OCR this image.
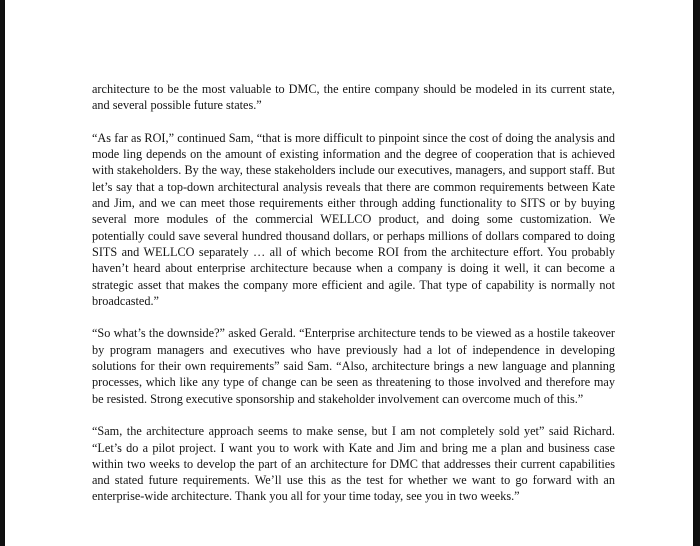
architecture to be the most valuable to DMC, the entire company should be modeled in its current state, and several possible future states.”

“As far as ROI,” continued Sam, “that is more difficult to pinpoint since the cost of doing the analysis and mode ling depends on the amount of existing information and the degree of cooperation that is achieved with stakeholders. By the way, these stakeholders include our executives, managers, and support staff. But let’s say that a top-down architectural analysis reveals that there are common requirements between Kate and Jim, and we can meet those requirements either through adding functionality to SITS or by buying several more modules of the commercial WELLCO product, and doing some customization. We potentially could save several hundred thousand dollars, or perhaps millions of dollars compared to doing SITS and WELLCO separately … all of which become ROI from the architecture effort. You probably haven’t heard about enterprise architecture because when a company is doing it well, it can become a strategic asset that makes the company more efficient and agile. That type of capability is normally not broadcasted.”

“So what’s the downside?” asked Gerald. “Enterprise architecture tends to be viewed as a hostile takeover by program managers and executives who have previously had a lot of independence in developing solutions for their own requirements” said Sam. “Also, architecture brings a new language and planning processes, which like any type of change can be seen as threatening to those involved and therefore may be resisted. Strong executive sponsorship and stakeholder involvement can overcome much of this.”

“Sam, the architecture approach seems to make sense, but I am not completely sold yet” said Richard. “Let’s do a pilot project. I want you to work with Kate and Jim and bring me a plan and business case within two weeks to develop the part of an architecture for DMC that addresses their current capabilities and stated future requirements. We’ll use this as the test for whether we want to go forward with an enterprise-wide architecture. Thank you all for your time today, see you in two weeks.”
